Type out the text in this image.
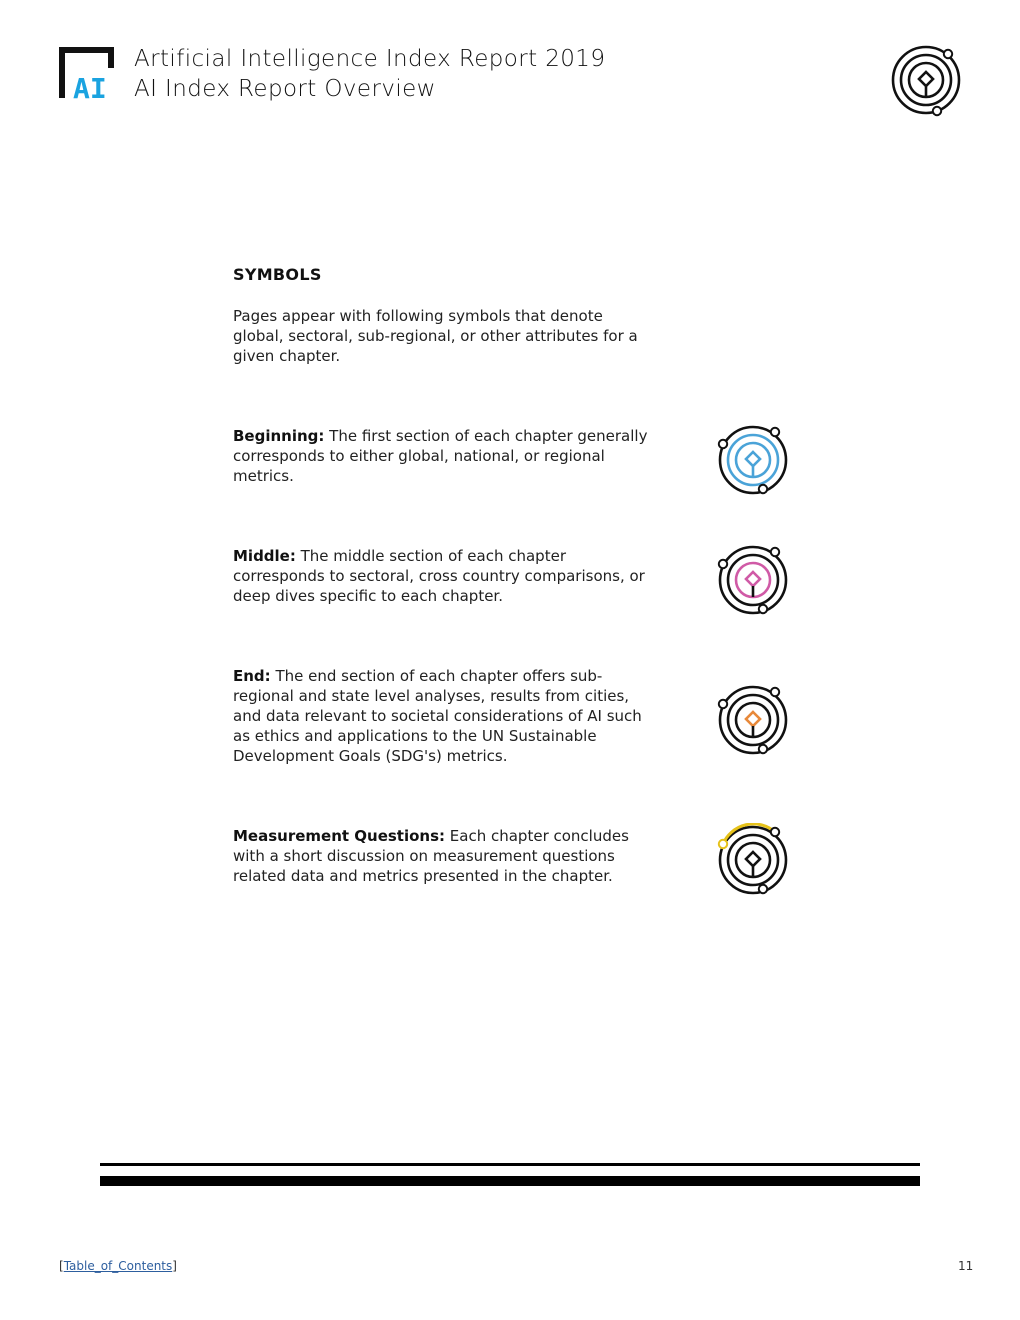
AI
Artificial Intelligence Index Report 2019
AI Index Report Overview
SYMBOLS
Pages appear with following symbols that denote global, sectoral, sub-regional, or other attributes for a given chapter.
Beginning: The first section of each chapter generally corresponds to either global, national, or regional metrics.
Middle: The middle section of each chapter corresponds to sectoral, cross country comparisons, or deep dives specific to each chapter.
End: The end section of each chapter offers sub-regional and state level analyses, results from cities, and data relevant to societal considerations of AI such as ethics and applications to the UN Sustainable Development Goals (SDG's) metrics.
Measurement Questions: Each chapter concludes with a short discussion on measurement questions related data and metrics presented in the chapter.
[Table_of_Contents]	11
